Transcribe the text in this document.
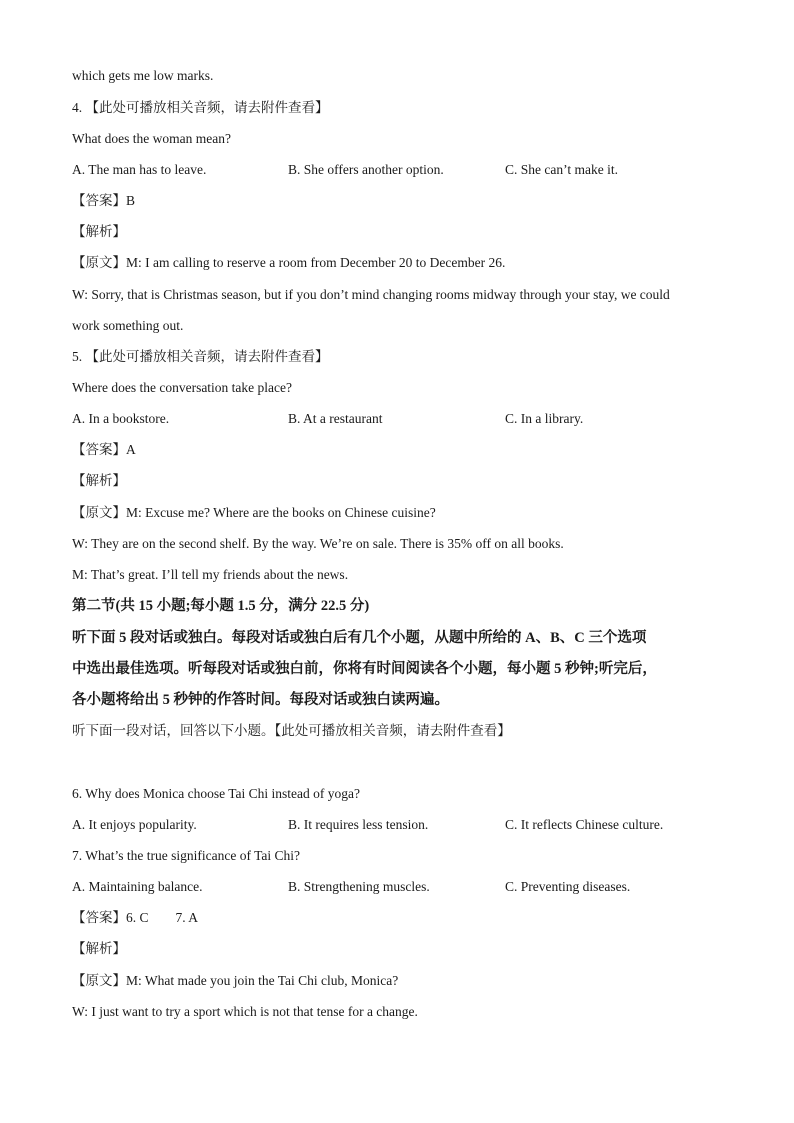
which gets me low marks.
4. 【此处可播放相关音频，请去附件查看】
What does the woman mean?
A. The man has to leave.	B. She offers another option.	C. She can’t make it.
【答案】B
【解析】
【原文】M: I am calling to reserve a room from December 20 to December 26.
W: Sorry, that is Christmas season, but if you don’t mind changing rooms midway through your stay, we could
work something out.
5. 【此处可播放相关音频，请去附件查看】
Where does the conversation take place?
A. In a bookstore.	B. At a restaurant	C. In a library.
【答案】A
【解析】
【原文】M: Excuse me? Where are the books on Chinese cuisine?
W: They are on the second shelf. By the way. We’re on sale. There is 35% off on all books.
M: That’s great. I’ll tell my friends about the news.
第二节(共 15 小题;每小题 1.5 分，满分 22.5 分)
听下面 5 段对话或独白。每段对话或独白后有几个小题，从题中所给的 A、B、C 三个选项
中选出最佳选项。听每段对话或独白前，你将有时间阅读各个小题，每小题 5 秒钟;听完后，
各小题将给出 5 秒钟的作答时间。每段对话或独白读两遍。
听下面一段对话，回答以下小题。【此处可播放相关音频，请去附件查看】
6. Why does Monica choose Tai Chi instead of yoga?
A. It enjoys popularity.	B. It requires less tension.	C. It reflects Chinese culture.
7. What’s the true significance of Tai Chi?
A. Maintaining balance.	B. Strengthening muscles.	C. Preventing diseases.
【答案】6. C        7. A
【解析】
【原文】M: What made you join the Tai Chi club, Monica?
W: I just want to try a sport which is not that tense for a change.
